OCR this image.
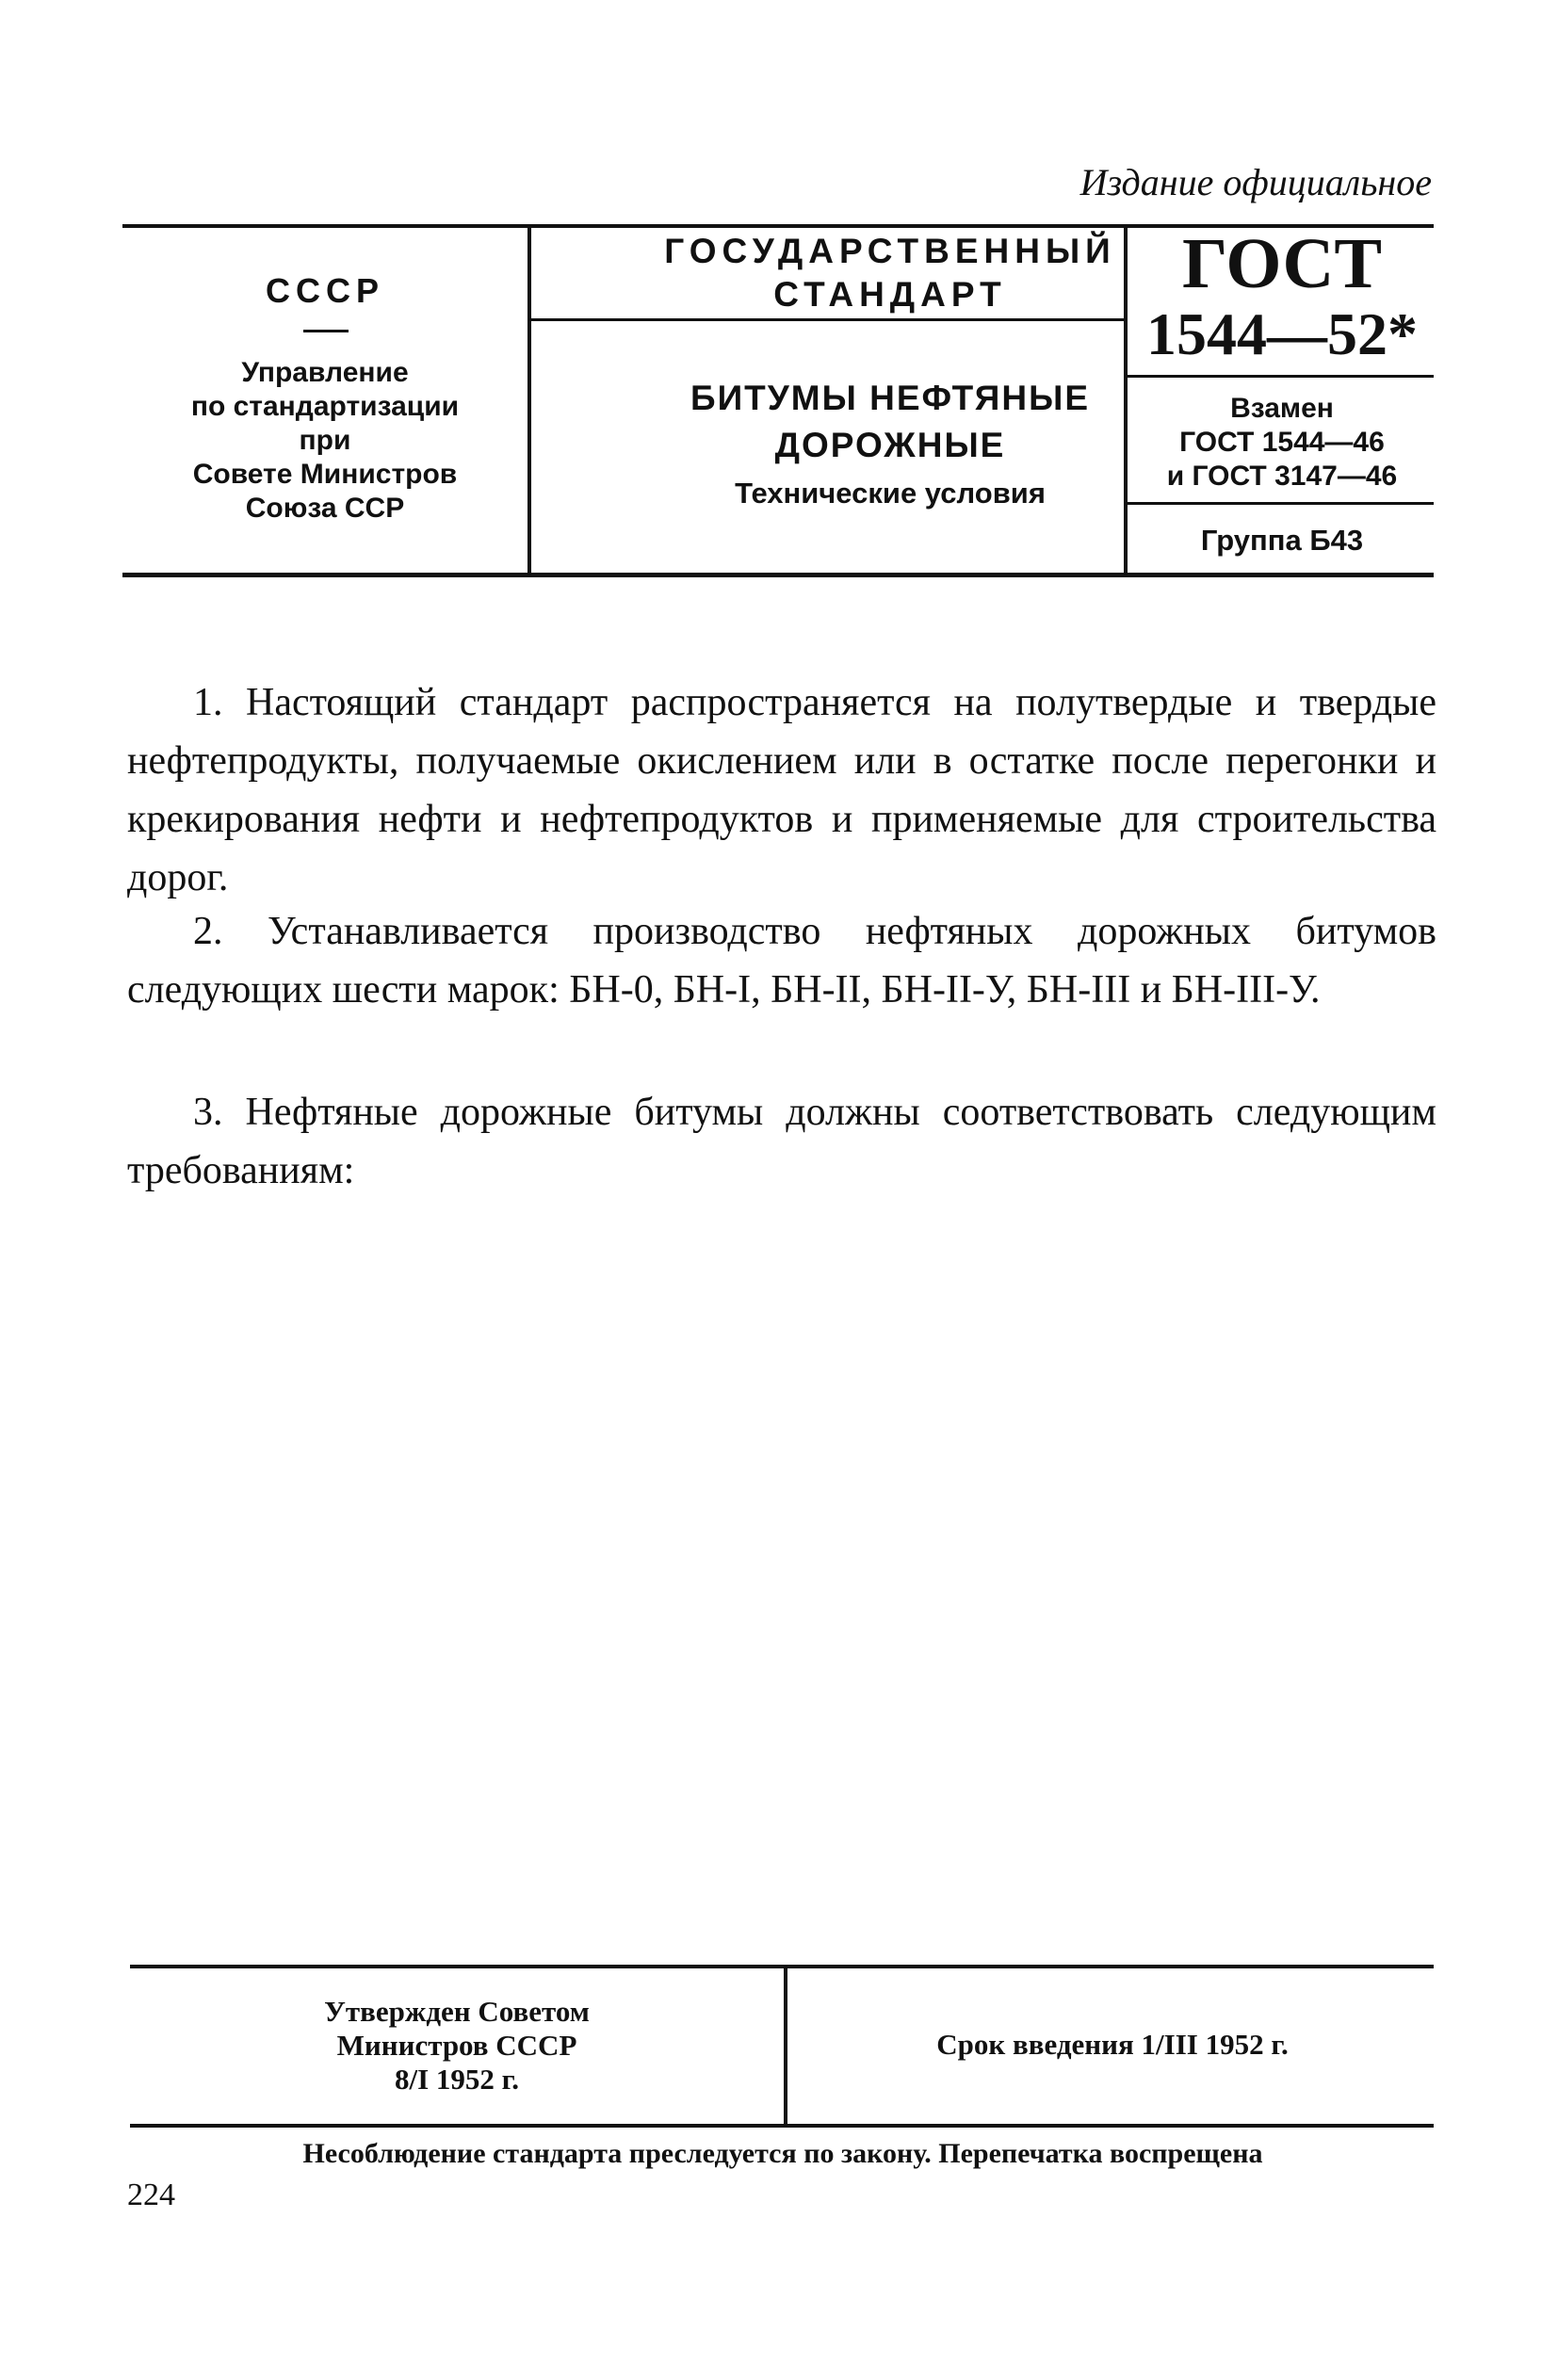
Издание официальное
СССР
Управление
по стандартизации
при
Совете Министров
Союза ССР
ГОСУДАРСТВЕННЫЙ
СТАНДАРТ
БИТУМЫ НЕФТЯНЫЕ
ДОРОЖНЫЕ
Технические условия
ГОСТ
1544—52*
Взамен
ГОСТ 1544—46
и ГОСТ 3147—46
Группа Б43
1. Настоящий стандарт распространяется на полутвердые и твердые нефтепродукты, получаемые окислением или в остатке после перегонки и крекирования нефти и нефтепродуктов и применяемые для строительства дорог.
2. Устанавливается производство нефтяных дорожных битумов следующих шести марок: БН-0, БН-I, БН-II, БН-II-У, БН-III и БН-III-У.
3. Нефтяные дорожные битумы должны соответствовать следующим требованиям:
Утвержден Советом
Министров СССР
8/I 1952 г.
Срок введения 1/III 1952 г.
Несоблюдение стандарта преследуется по закону. Перепечатка воспрещена
224
